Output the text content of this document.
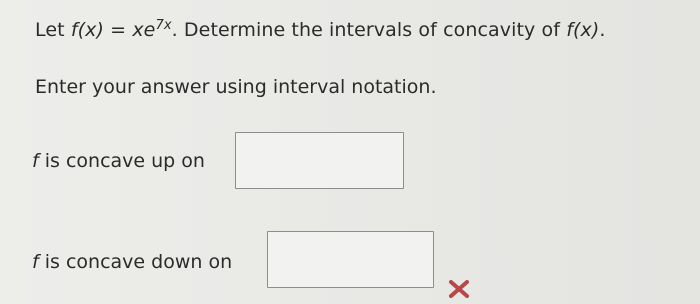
Let $f(x) = xe^{7x}$. Determine the intervals of concavity of f(x).
Enter your answer using interval notation.
f is concave up on
f is concave down on
